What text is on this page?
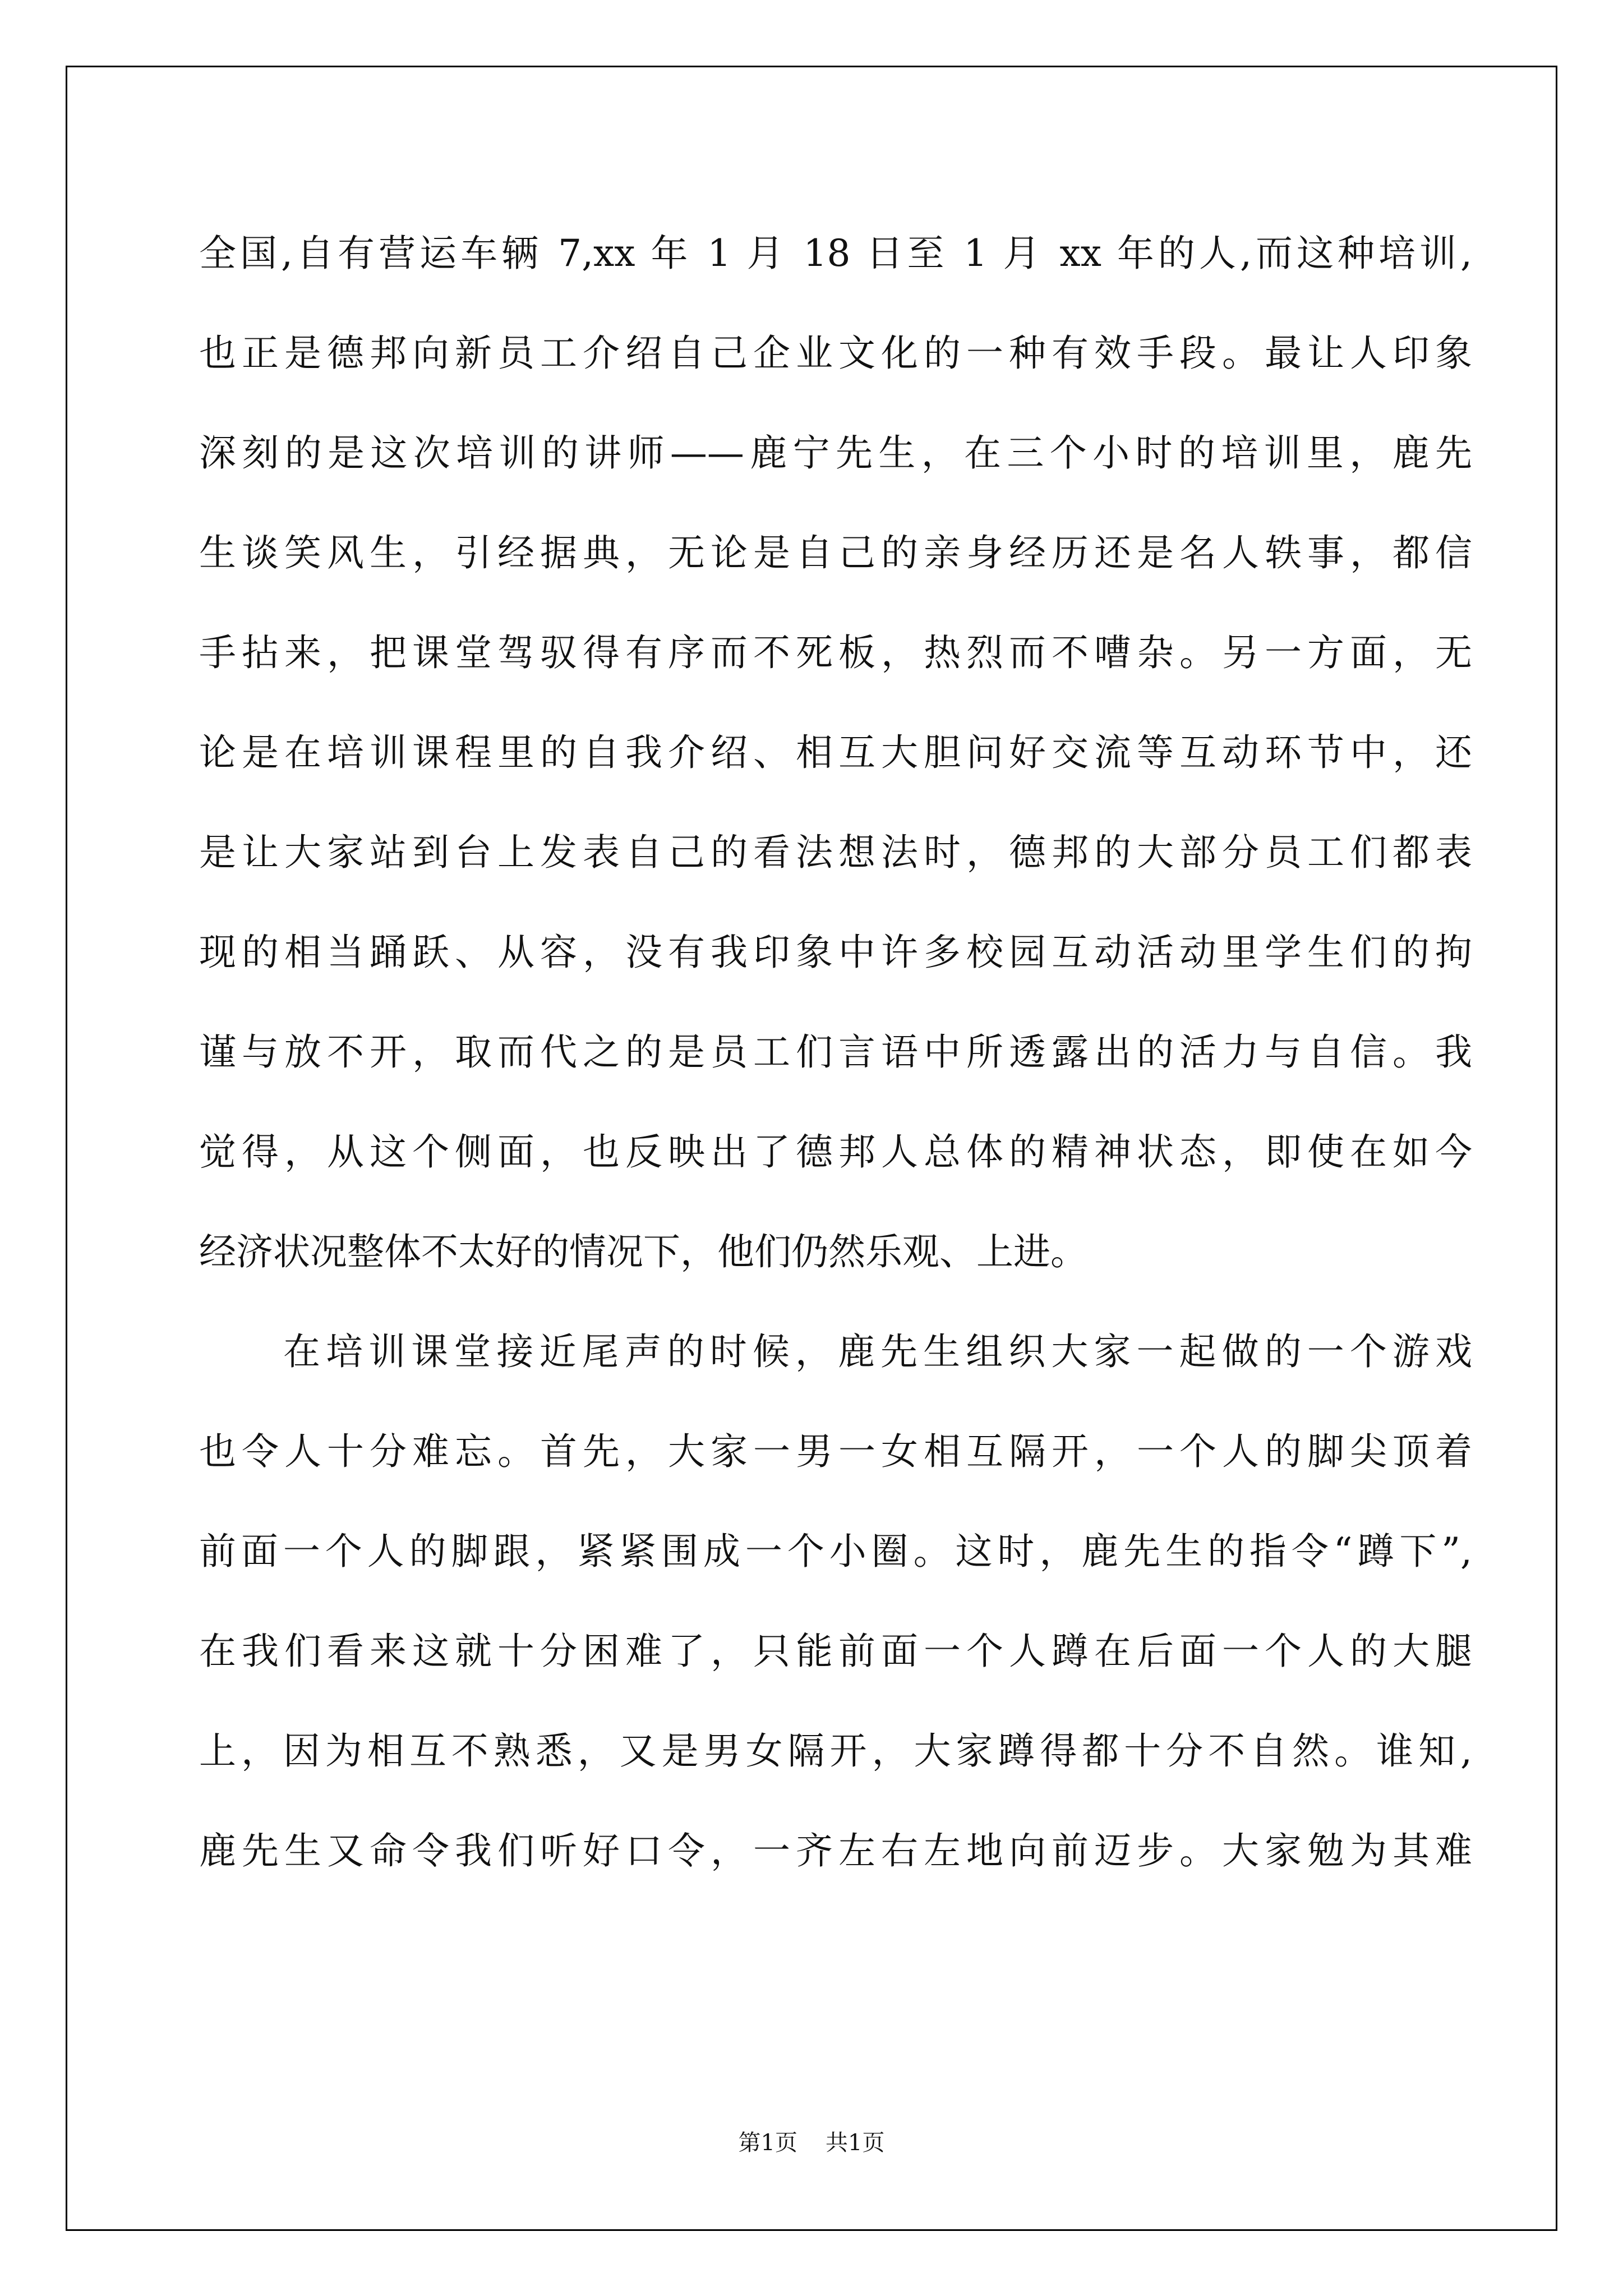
全国,自有营运车辆 7,xx 年 1 月 18 日至 1 月 xx 年的人,而这种培训,
也正是德邦向新员工介绍自己企业文化的一种有效手段。最让人印象
深刻的是这次培训的讲师——鹿宁先生，在三个小时的培训里，鹿先
生谈笑风生，引经据典，无论是自己的亲身经历还是名人轶事，都信
手拈来，把课堂驾驭得有序而不死板，热烈而不嘈杂。另一方面，无
论是在培训课程里的自我介绍、相互大胆问好交流等互动环节中，还
是让大家站到台上发表自己的看法想法时，德邦的大部分员工们都表
现的相当踊跃、从容，没有我印象中许多校园互动活动里学生们的拘
谨与放不开，取而代之的是员工们言语中所透露出的活力与自信。我
觉得，从这个侧面，也反映出了德邦人总体的精神状态，即使在如今
经济状况整体不太好的情况下，他们仍然乐观、上进。
在培训课堂接近尾声的时候，鹿先生组织大家一起做的一个游戏
也令人十分难忘。首先，大家一男一女相互隔开，一个人的脚尖顶着
前面一个人的脚跟，紧紧围成一个小圈。这时，鹿先生的指令“蹲下”,
在我们看来这就十分困难了，只能前面一个人蹲在后面一个人的大腿
上，因为相互不熟悉，又是男女隔开，大家蹲得都十分不自然。谁知,
鹿先生又命令我们听好口令，一齐左右左地向前迈步。大家勉为其难
第1页 共1页
